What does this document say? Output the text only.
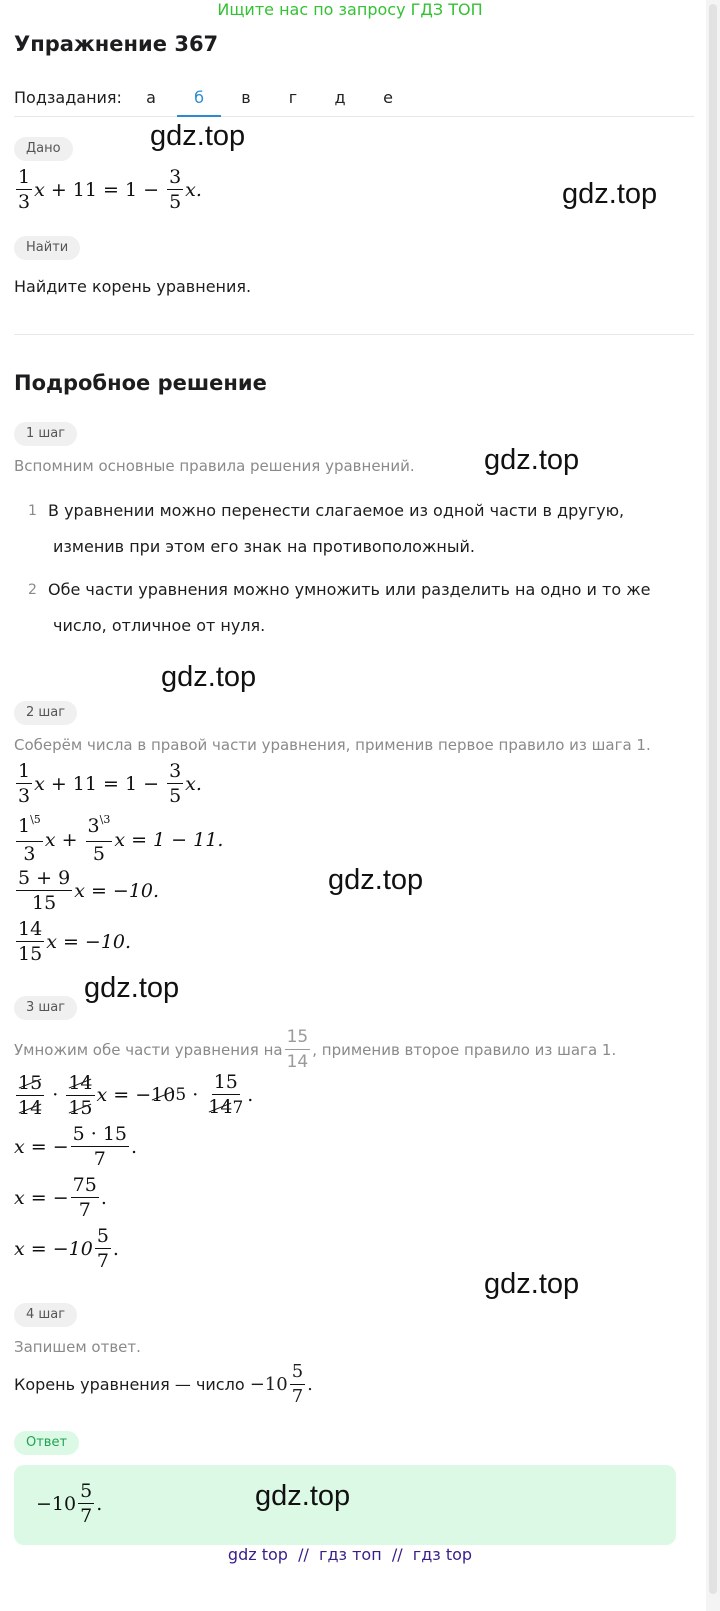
Ищите нас по запросу ГДЗ ТОП
Упражнение 367
Подзадания:	а	б	в	г	д	е
Дано
$\frac{1}{3}$ $x + 11 = 1 - \frac{3}{5} x$.
Найти
Найдите корень уравнения.
Подробное решение
1 шаг
Вспомним основные правила решения уравнений.
1 В уравнении можно перенести слагаемое из одной части в другую,
изменив при этом его знак на противоположный.
2 Обе части уравнения можно умножить или разделить на одно и то же
число, отличное от нуля.
2 шаг
Соберём числа в правой части уравнения, применив первое правило из шага 1.
$\frac{1}{3}$ $x + 11 = 1 - \frac{3}{5} x$.
$\frac{1^{\backslash 5}}{3}$ $x + \frac{3^{\backslash 3}}{5}$ x = 1 − 11.
$\frac{5 + 9}{15}$ x = −10.
$\frac{14}{15}$ x = −10.
3 шаг
Умножим обе части уравнения на $\frac{15}{14}$ , применив второе правило из шага 1.
$\frac{15}{14} \cdot \frac{14}{15}$ x = − 10 $5 \cdot \frac{15}{147}$ .
x = − $\frac{5 \cdot 15}{7}$ .
x = − $\frac{75}{7}$ .
$x = -10 \frac{5}{7}$ .
4 шаг
Запишем ответ.
Корень уравнения — число $-10 \frac{5}{7}$ .
Ответ
$-10 \frac{5}{7}$ .
gdz.top
gdz.top
gdz.top
gdz.top
gdz.top
gdz.top
gdz.top
gdz.top
gdz top  //  гдз топ  //  гдз top
